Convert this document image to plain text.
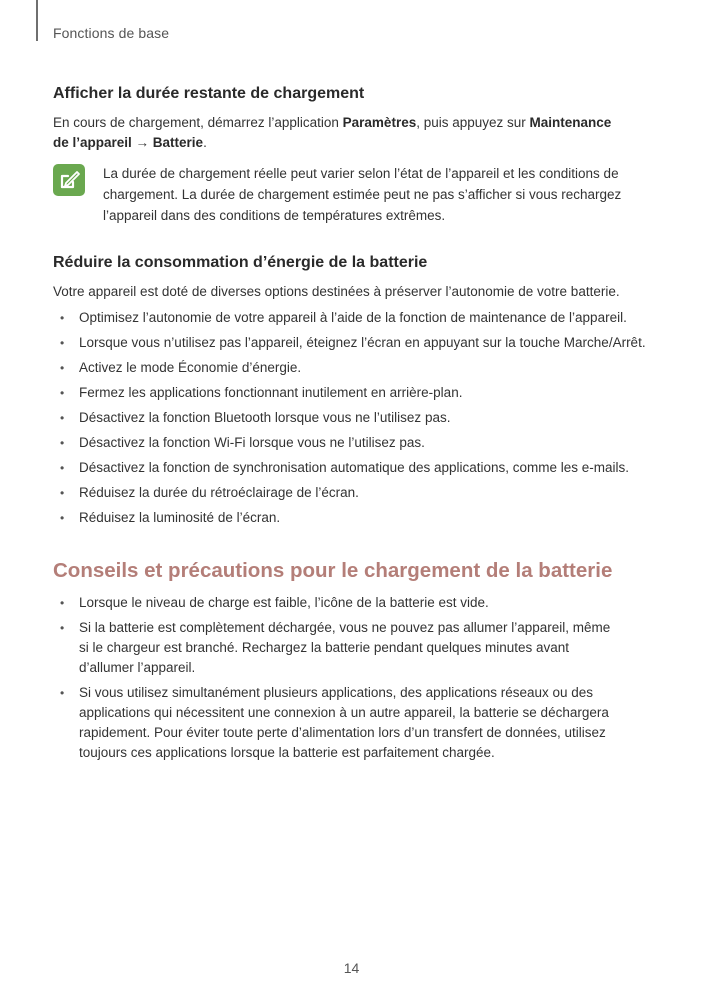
Fonctions de base
Afficher la durée restante de chargement

En cours de chargement, démarrez l’application Paramètres, puis appuyez sur Maintenance de l’appareil → Batterie.

La durée de chargement réelle peut varier selon l’état de l’appareil et les conditions de chargement. La durée de chargement estimée peut ne pas s’afficher si vous rechargez l’appareil dans des conditions de températures extrêmes.
Réduire la consommation d’énergie de la batterie

Votre appareil est doté de diverses options destinées à préserver l’autonomie de votre batterie.

• Optimisez l’autonomie de votre appareil à l’aide de la fonction de maintenance de l’appareil.
• Lorsque vous n’utilisez pas l’appareil, éteignez l’écran en appuyant sur la touche Marche/Arrêt.
• Activez le mode Économie d’énergie.
• Fermez les applications fonctionnant inutilement en arrière-plan.
• Désactivez la fonction Bluetooth lorsque vous ne l’utilisez pas.
• Désactivez la fonction Wi-Fi lorsque vous ne l’utilisez pas.
• Désactivez la fonction de synchronisation automatique des applications, comme les e-mails.
• Réduisez la durée du rétroéclairage de l’écran.
• Réduisez la luminosité de l’écran.
Conseils et précautions pour le chargement de la batterie
• Lorsque le niveau de charge est faible, l’icône de la batterie est vide.
• Si la batterie est complètement déchargée, vous ne pouvez pas allumer l’appareil, même si le chargeur est branché. Rechargez la batterie pendant quelques minutes avant d’allumer l’appareil.
• Si vous utilisez simultanément plusieurs applications, des applications réseaux ou des applications qui nécessitent une connexion à un autre appareil, la batterie se déchargera rapidement. Pour éviter toute perte d’alimentation lors d’un transfert de données, utilisez toujours ces applications lorsque la batterie est parfaitement chargée.
14
